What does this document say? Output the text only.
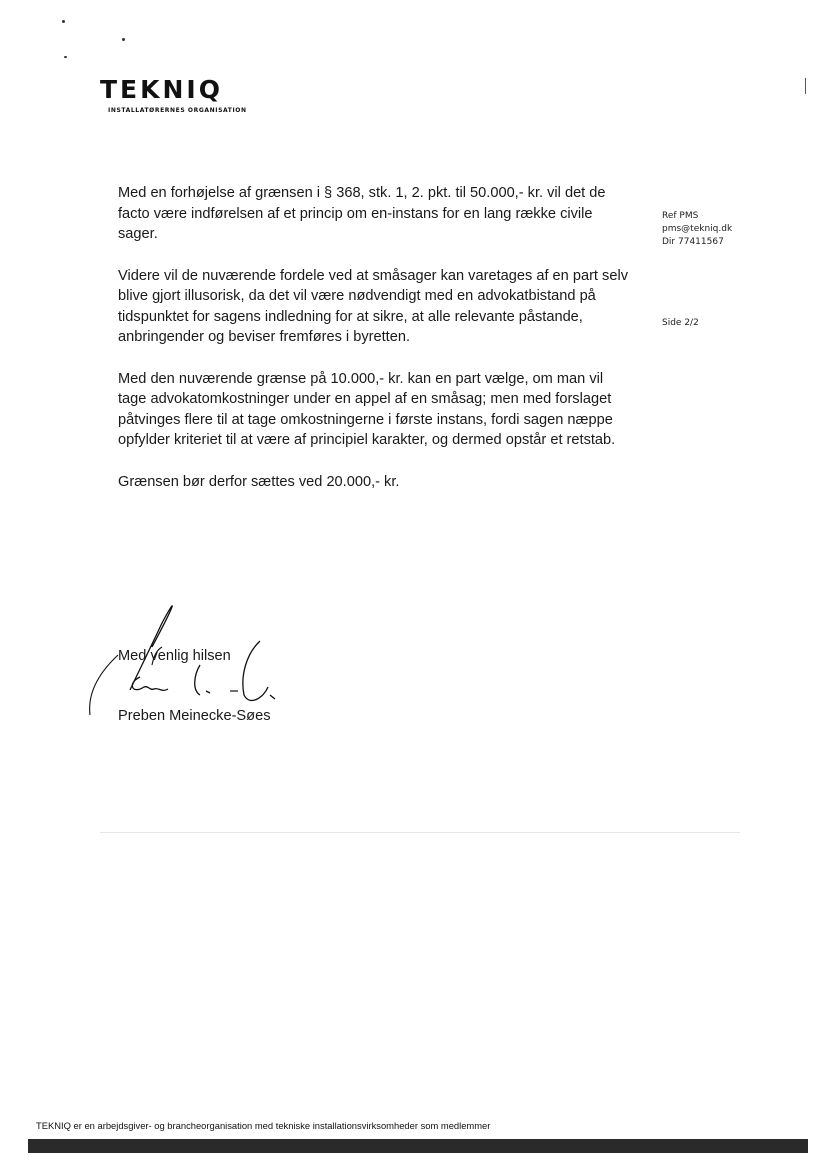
TEKNIQ
INSTALLATØRERNES ORGANISATION
Ref PMS
pms@tekniq.dk
Dir 77411567
Side 2/2

Med en forhøjelse af grænsen i § 368, stk. 1, 2. pkt. til 50.000,- kr. vil det de facto være indførelsen af et princip om en-instans for en lang række civile sager.

Videre vil de nuværende fordele ved at småsager kan varetages af en part selv blive gjort illusorisk, da det vil være nødvendigt med en advokatbistand på tidspunktet for sagens indledning for at sikre, at alle relevante påstande, anbringender og beviser fremføres i byretten.

Med den nuværende grænse på 10.000,- kr. kan en part vælge, om man vil tage advokatomkostninger under en appel af en småsag; men med forslaget påtvinges flere til at tage omkostningerne i første instans, fordi sagen næppe opfylder kriteriet til at være af principiel karakter, og dermed opstår et retstab.

Grænsen bør derfor sættes ved 20.000,- kr.

Med venlig hilsen
Preben Meinecke-Søes
TEKNIQ er en arbejdsgiver- og brancheorganisation med tekniske installationsvirksomheder som medlemmer
